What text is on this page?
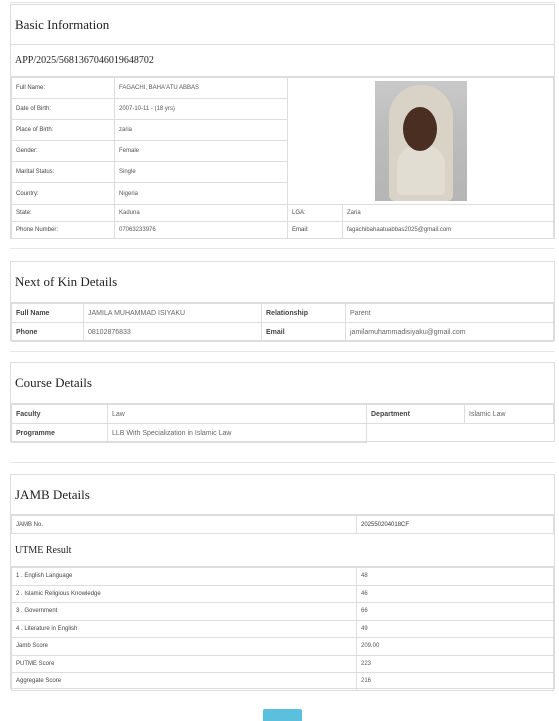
Basic Information
APP/2025/5681367046019648702
Full Name:	FAGACHI, BAHA'ATU ABBAS		

Date of Birth:	2007-10-11 - (18 yrs)		
Place of Birth:	zaria		
Gender:	Female		
Marital Status:	Single		
Country:	Nigeria		
State:	Kaduna	LGA:	Zaria
Phone Number:	07063233976	Email:	fagachibahaatuabbas2025@gmail.com
Next of Kin Details
Full Name	JAMILA MUHAMMAD ISIYAKU	Relationship	Parent
Phone	08102876833	Email	jamilamuhammadisiyaku@gmail.com
Course Details
Faculty	Law	Department	Islamic Law
Programme	LLB With Specialization in Islamic Law		
JAMB Details
JAMB No.	202550204018CF
UTME Result
1 . English Language	48
2 . Islamic Religious Knowledge	46
3 . Government	66
4 . Literature in English	49
Jamb Score	209.00
PUTME Score	223
Aggregate Score	216
